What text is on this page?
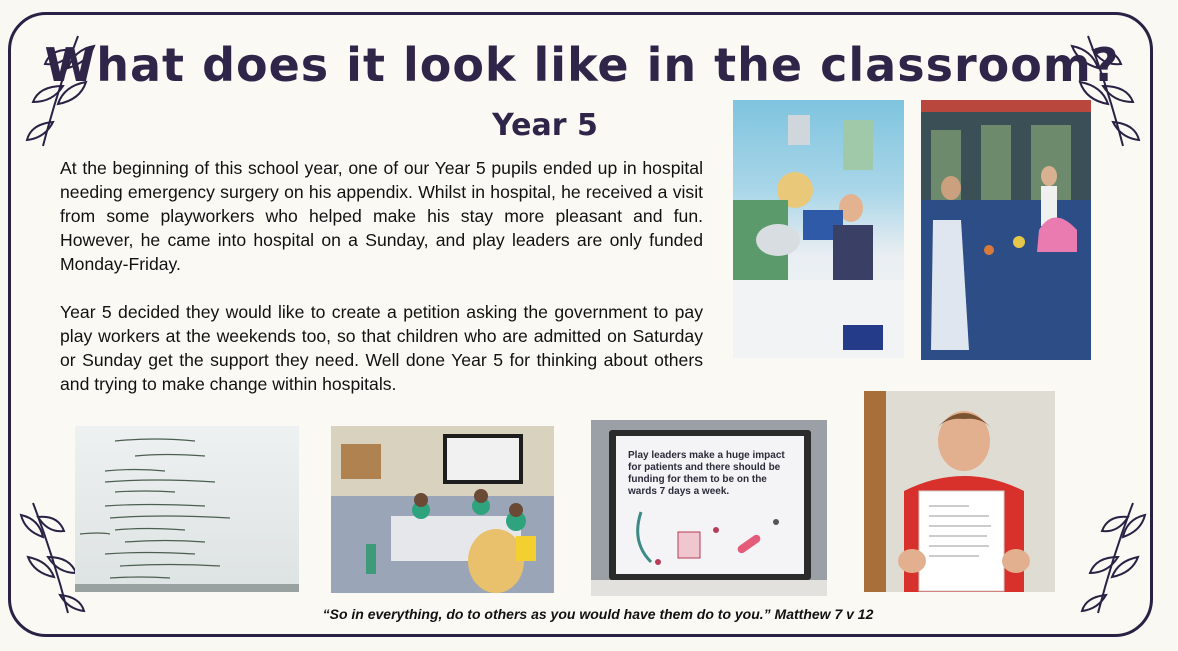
What does it look like in the classroom?
Year 5

At the beginning of this school year, one of our Year 5 pupils ended up in hospital needing emergency surgery on his appendix. Whilst in hospital, he received a visit from some playworkers who helped make his stay more pleasant and fun. However, he came into hospital on a Sunday, and play leaders are only funded Monday-Friday.

Year 5 decided they would like to create a petition asking the government to pay play workers at the weekends too, so that children who are admitted on Saturday or Sunday get the support they need. Well done Year 5 for thinking about others and trying to make change within hospitals.

Play leaders make a huge impact for patients and there should be funding for them to be on the wards 7 days a week.
“So in everything, do to others as you would have them do to you.” Matthew 7 v 12
